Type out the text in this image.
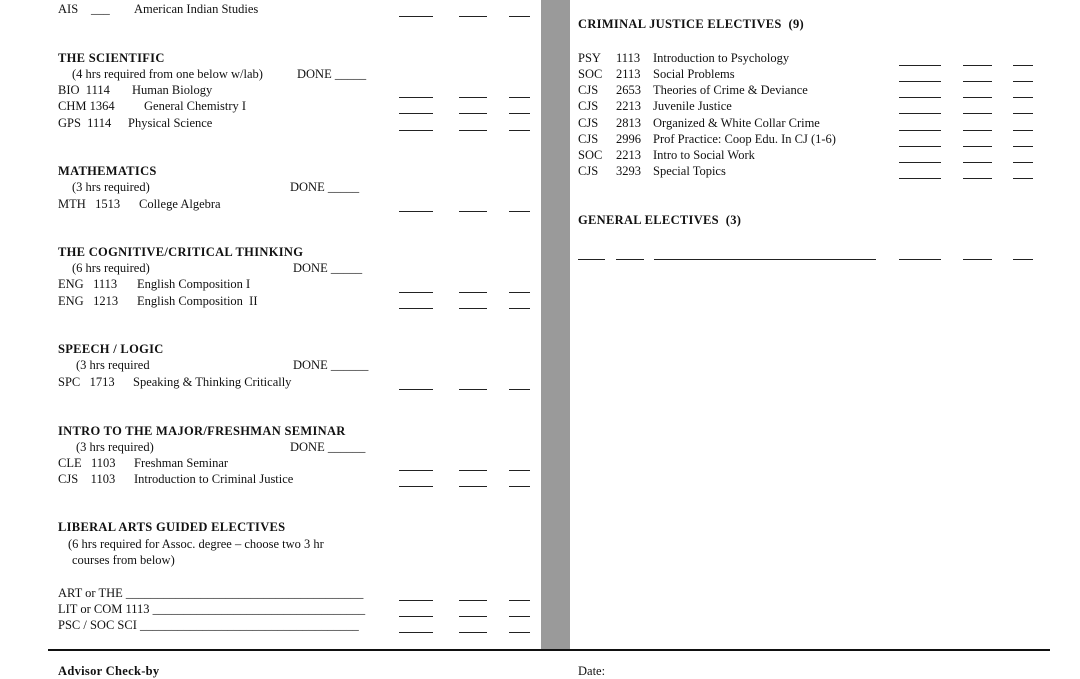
AIS ___ American Indian Studies
THE SCIENTIFIC
(4 hrs required from one below w/lab)	DONE _____
BIO  1114 Human Biology
CHM 1364 General Chemistry I
GPS  1114 Physical Science
MATHEMATICS
(3 hrs required)	DONE _____
MTH   1513 College Algebra
THE COGNITIVE/CRITICAL THINKING
(6 hrs required)	DONE _____
ENG   1113 English Composition I
ENG   1213 English Composition  II
SPEECH / LOGIC
(3 hrs required	DONE ______
SPC   1713 Speaking & Thinking Critically
INTRO TO THE MAJOR/FRESHMAN SEMINAR
(3 hrs required)	DONE ______
CLE   1103 Freshman Seminar
CJS    1103 Introduction to Criminal Justice
LIBERAL ARTS GUIDED ELECTIVES
(6 hrs required for Assoc. degree – choose two 3 hr
courses from below)
ART or THE ______________________________________
LIT or COM 1113 __________________________________
PSC / SOC SCI ___________________________________
CRIMINAL JUSTICE ELECTIVES  (9)
PSY 1113 Introduction to Psychology
SOC 2113 Social Problems
CJS 2653 Theories of Crime & Deviance
CJS 2213 Juvenile Justice
CJS 2813 Organized & White Collar Crime
CJS 2996 Prof Practice: Coop Edu. In CJ (1-6)
SOC 2213 Intro to Social Work
CJS 3293 Special Topics
GENERAL ELECTIVES  (3)
Advisor Check-by	Date:
